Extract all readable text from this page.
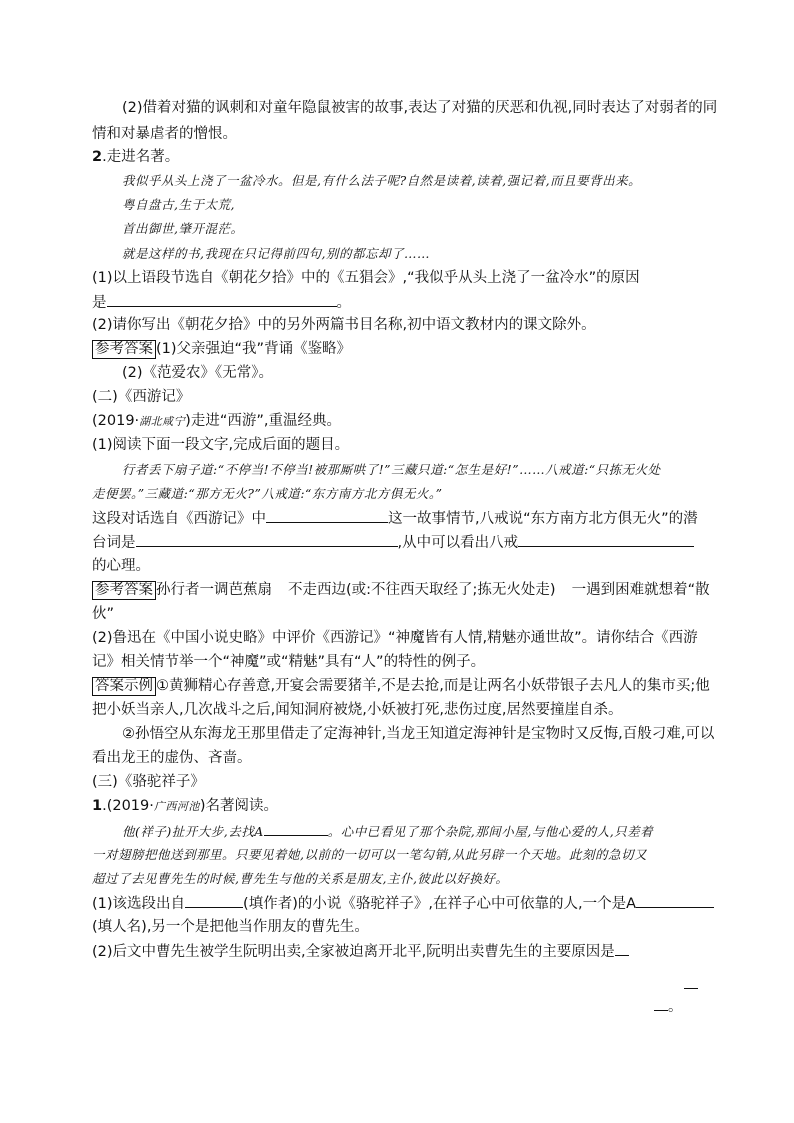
(2)借着对猫的讽刺和对童年隐鼠被害的故事,表达了对猫的厌恶和仇视,同时表达了对弱者的同
情和对暴虐者的憎恨。
2.走进名著。
我似乎从头上浇了一盆冷水。但是,有什么法子呢?自然是读着,读着,强记着,而且要背出来。
粤自盘古,生于太荒,
首出御世,肇开混茫。
就是这样的书,我现在只记得前四句,别的都忘却了……
(1)以上语段节选自《朝花夕拾》中的《五猖会》,“我似乎从头上浇了一盆冷水”的原因
是	。
(2)请你写出《朝花夕拾》中的另外两篇书目名称,初中语文教材内的课文除外。
参考答案 (1)父亲强迫“我”背诵《鉴略》
(2)《范爱农》《无常》。
(二)《西游记》
(2019·湖北咸宁)走进“西游”,重温经典。
(1)阅读下面一段文字,完成后面的题目。
行者丢下扇子道:“不停当!不停当!被那厮哄了!”三藏只道:“怎生是好!”……八戒道:“只拣无火处
走便罢。”三藏道:“那方无火?”八戒道:“东方南方北方俱无火。”
这段对话选自《西游记》中	这一故事情节,八戒说“东方南方北方俱无火”的潜
台词是	,从中可以看出八戒
的心理。
参考答案 孙行者一调芭蕉扇 不走西边(或:不往西天取经了;拣无火处走) 一遇到困难就想着“散
伙”
(2)鲁迅在《中国小说史略》中评价《西游记》“神魔皆有人情,精魅亦通世故”。请你结合《西游
记》相关情节举一个“神魔”或“精魅”具有“人”的特性的例子。
答案示例 ①黄狮精心存善意,开宴会需要猪羊,不是去抢,而是让两名小妖带银子去凡人的集市买;他
把小妖当亲人,几次战斗之后,闻知洞府被烧,小妖被打死,悲伤过度,居然要撞崖自杀。
②孙悟空从东海龙王那里借走了定海神针,当龙王知道定海神针是宝物时又反悔,百般刁难,可以
看出龙王的虚伪、吝啬。
(三)《骆驼祥子》
1.(2019·广西河池)名著阅读。
他(祥子)扯开大步,去找A	。心中已看见了那个杂院,那间小屋,与他心爱的人,只差着
一对翅膀把他送到那里。只要见着她,以前的一切可以一笔勾销,从此另辟一个天地。此刻的急切又
超过了去见曹先生的时候,曹先生与他的关系是朋友,主仆,彼此以好换好。
(1)该选段出自	(填作者)的小说《骆驼祥子》,在祥子心中可依靠的人,一个是A
(填人名),另一个是把他当作朋友的曹先生。
(2)后文中曹先生被学生阮明出卖,全家被迫离开北平,阮明出卖曹先生的主要原因是
。
